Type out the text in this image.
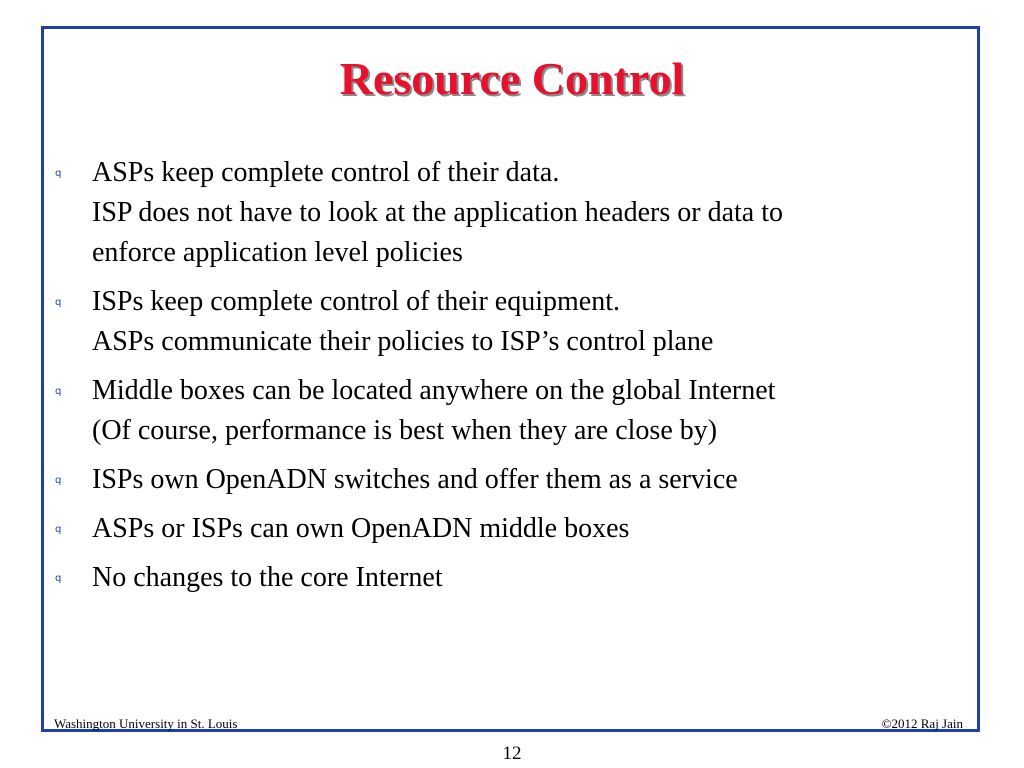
Resource Control
q ASPs keep complete control of their data.
ISP does not have to look at the application headers or data to
enforce application level policies
q ISPs keep complete control of their equipment.
ASPs communicate their policies to ISP’s control plane
q Middle boxes can be located anywhere on the global Internet
(Of course, performance is best when they are close by)
q ISPs own OpenADN switches and offer them as a service
q ASPs or ISPs can own OpenADN middle boxes
q No changes to the core Internet
Washington University in St. Louis	©2012 Raj Jain
12
